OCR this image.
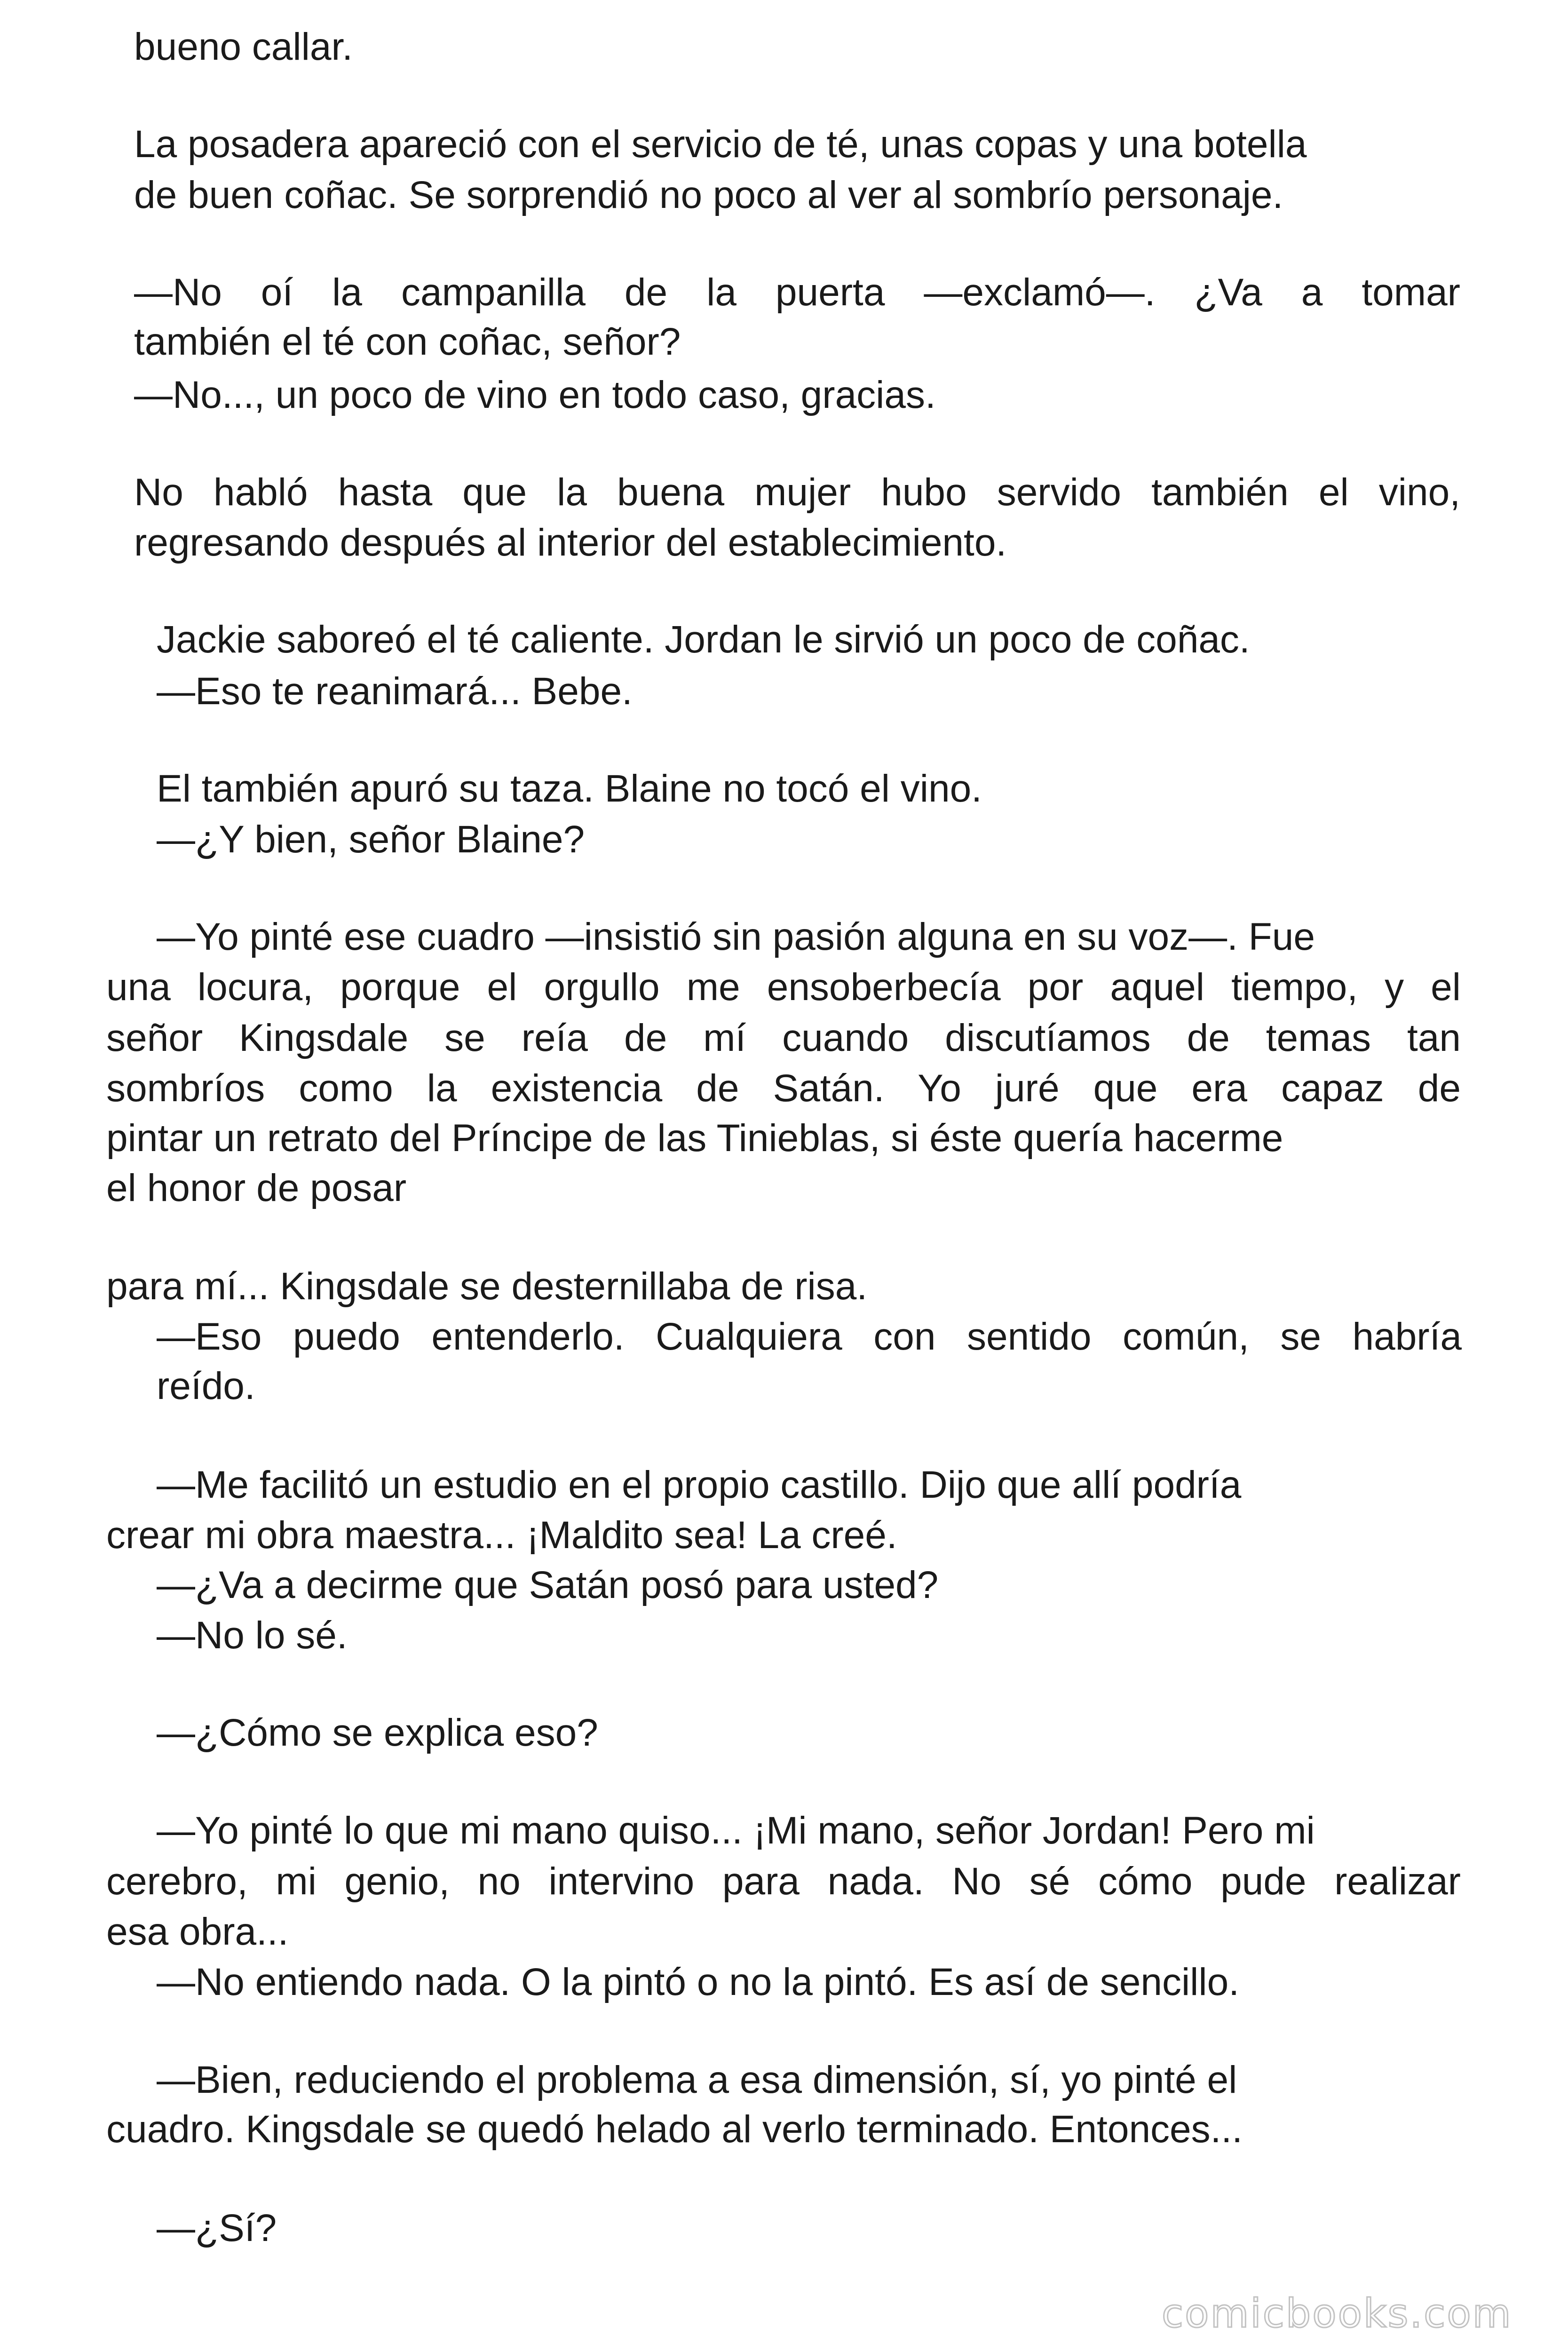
bueno callar.

La posadera apareció con el servicio de té, unas copas y una botella

de buen coñac. Se sorprendió no poco al ver al sombrío personaje.

—No oí la campanilla de la puerta —exclamó—. ¿Va a tomar

también el té con coñac, señor?

—No..., un poco de vino en todo caso, gracias.

No habló hasta que la buena mujer hubo servido también el vino,

regresando después al interior del establecimiento.

Jackie saboreó el té caliente. Jordan le sirvió un poco de coñac.

—Eso te reanimará... Bebe.

El también apuró su taza. Blaine no tocó el vino.

—¿Y bien, señor Blaine?

—Yo pinté ese cuadro —insistió sin pasión alguna en su voz—. Fue

una locura, porque el orgullo me ensoberbecía por aquel tiempo, y el

señor Kingsdale se reía de mí cuando discutíamos de temas tan

sombríos como la existencia de Satán. Yo juré que era capaz de

pintar un retrato del Príncipe de las Tinieblas, si éste quería hacerme

el honor de posar

para mí... Kingsdale se desternillaba de risa.

—Eso puedo entenderlo. Cualquiera con sentido común, se habría

reído.

—Me facilitó un estudio en el propio castillo. Dijo que allí podría

crear mi obra maestra... ¡Maldito sea! La creé.

—¿Va a decirme que Satán posó para usted?

—No lo sé.

—¿Cómo se explica eso?

—Yo pinté lo que mi mano quiso... ¡Mi mano, señor Jordan! Pero mi

cerebro, mi genio, no intervino para nada. No sé cómo pude realizar

esa obra...

—No entiendo nada. O la pintó o no la pintó. Es así de sencillo.

—Bien, reduciendo el problema a esa dimensión, sí, yo pinté el

cuadro. Kingsdale se quedó helado al verlo terminado. Entonces...

—¿Sí?

comicbooks.com
